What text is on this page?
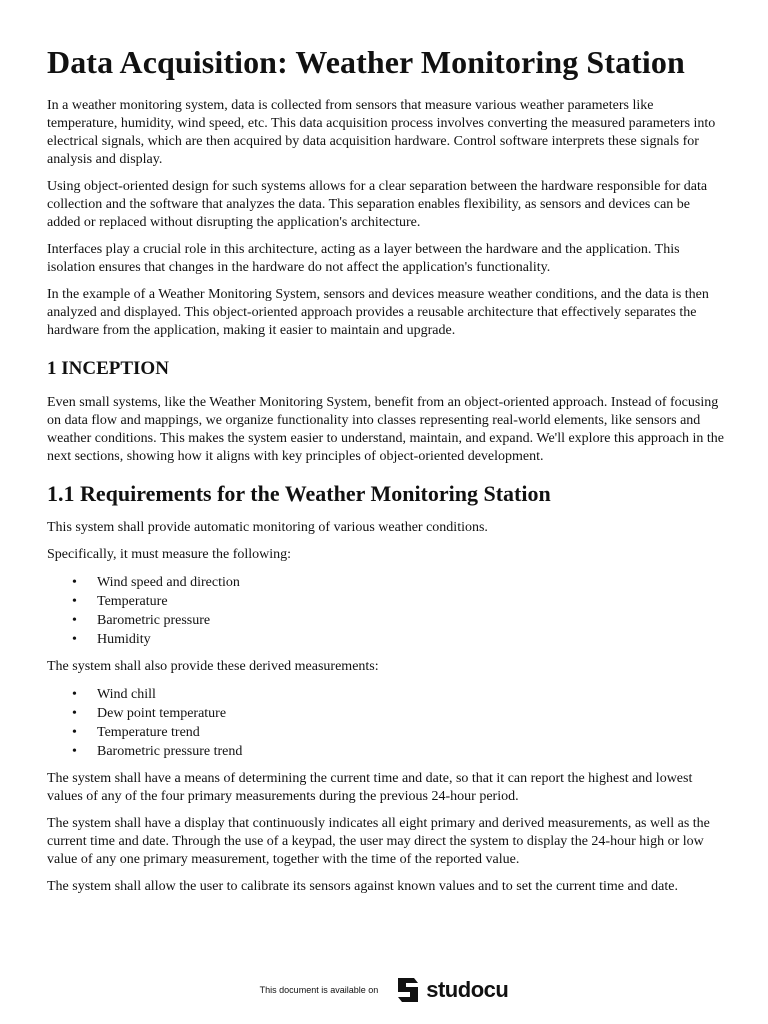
Data Acquisition: Weather Monitoring Station

In a weather monitoring system, data is collected from sensors that measure various weather parameters like temperature, humidity, wind speed, etc. This data acquisition process involves converting the measured parameters into electrical signals, which are then acquired by data acquisition hardware. Control software interprets these signals for analysis and display.

Using object-oriented design for such systems allows for a clear separation between the hardware responsible for data collection and the software that analyzes the data. This separation enables flexibility, as sensors and devices can be added or replaced without disrupting the application's architecture.

Interfaces play a crucial role in this architecture, acting as a layer between the hardware and the application. This isolation ensures that changes in the hardware do not affect the application's functionality.

In the example of a Weather Monitoring System, sensors and devices measure weather conditions, and the data is then analyzed and displayed. This object-oriented approach provides a reusable architecture that effectively separates the hardware from the application, making it easier to maintain and upgrade.

1 INCEPTION

Even small systems, like the Weather Monitoring System, benefit from an object-oriented approach. Instead of focusing on data flow and mappings, we organize functionality into classes representing real-world elements, like sensors and weather conditions. This makes the system easier to understand, maintain, and expand. We'll explore this approach in the next sections, showing how it aligns with key principles of object-oriented development.

1.1 Requirements for the Weather Monitoring Station

This system shall provide automatic monitoring of various weather conditions.

Specifically, it must measure the following:

• Wind speed and direction
• Temperature
• Barometric pressure
• Humidity

The system shall also provide these derived measurements:

• Wind chill
• Dew point temperature
• Temperature trend
• Barometric pressure trend

The system shall have a means of determining the current time and date, so that it can report the highest and lowest values of any of the four primary measurements during the previous 24-hour period.

The system shall have a display that continuously indicates all eight primary and derived measurements, as well as the current time and date. Through the use of a keypad, the user may direct the system to display the 24-hour high or low value of any one primary measurement, together with the time of the reported value.

The system shall allow the user to calibrate its sensors against known values and to set the current time and date.

This document is available on studocu
